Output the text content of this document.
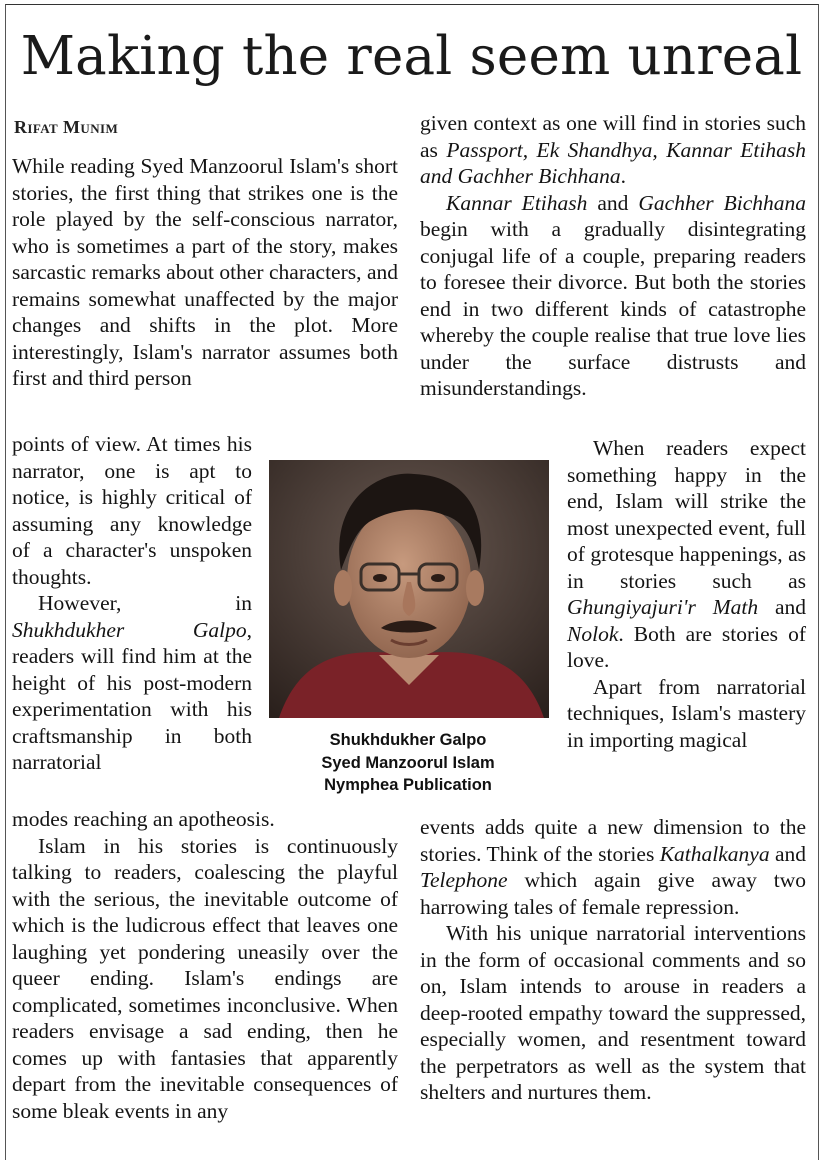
Making the real seem unreal
Rifat Munim

While reading Syed Manzoorul Islam's short stories, the first thing that strikes one is the role played by the self-conscious narrator, who is sometimes a part of the story, makes sarcastic remarks about other characters, and remains somewhat unaffected by the major changes and shifts in the plot. More interestingly, Islam's narrator assumes both first and third person

points of view. At times his narrator, one is apt to notice, is highly critical of assuming any knowledge of a character's unspoken thoughts.

However, in Shukhdukher Galpo, readers will find him at the height of his post-modern experimentation with his craftsmanship in both narratorial

modes reaching an apotheosis.

Islam in his stories is continuously talking to readers, coalescing the playful with the serious, the inevitable outcome of which is the ludicrous effect that leaves one laughing yet pondering uneasily over the queer ending. Islam's endings are complicated, sometimes inconclusive. When readers envisage a sad ending, then he comes up with fantasies that apparently depart from the inevitable consequences of some bleak events in any

given context as one will find in stories such as Passport, Ek Shandhya, Kannar Etihash and Gachher Bichhana.

Kannar Etihash and Gachher Bichhana begin with a gradually disintegrating conjugal life of a couple, preparing readers to foresee their divorce. But both the stories end in two different kinds of catastrophe whereby the couple realise that true love lies under the surface distrusts and misunderstandings.

When readers expect something happy in the end, Islam will strike the most unexpected event, full of grotesque happenings, as in stories such as Ghungiyajuri'r Math and Nolok. Both are stories of love.

Apart from narratorial techniques, Islam's mastery in importing magical

events adds quite a new dimension to the stories. Think of the stories Kathalkanya and Telephone which again give away two harrowing tales of female repression.

With his unique narratorial interventions in the form of occasional comments and so on, Islam intends to arouse in readers a deep-rooted empathy toward the suppressed, especially women, and resentment toward the perpetrators as well as the system that shelters and nurtures them.

Shukhdukher Galpo
Syed Manzoorul Islam
Nymphea Publication
